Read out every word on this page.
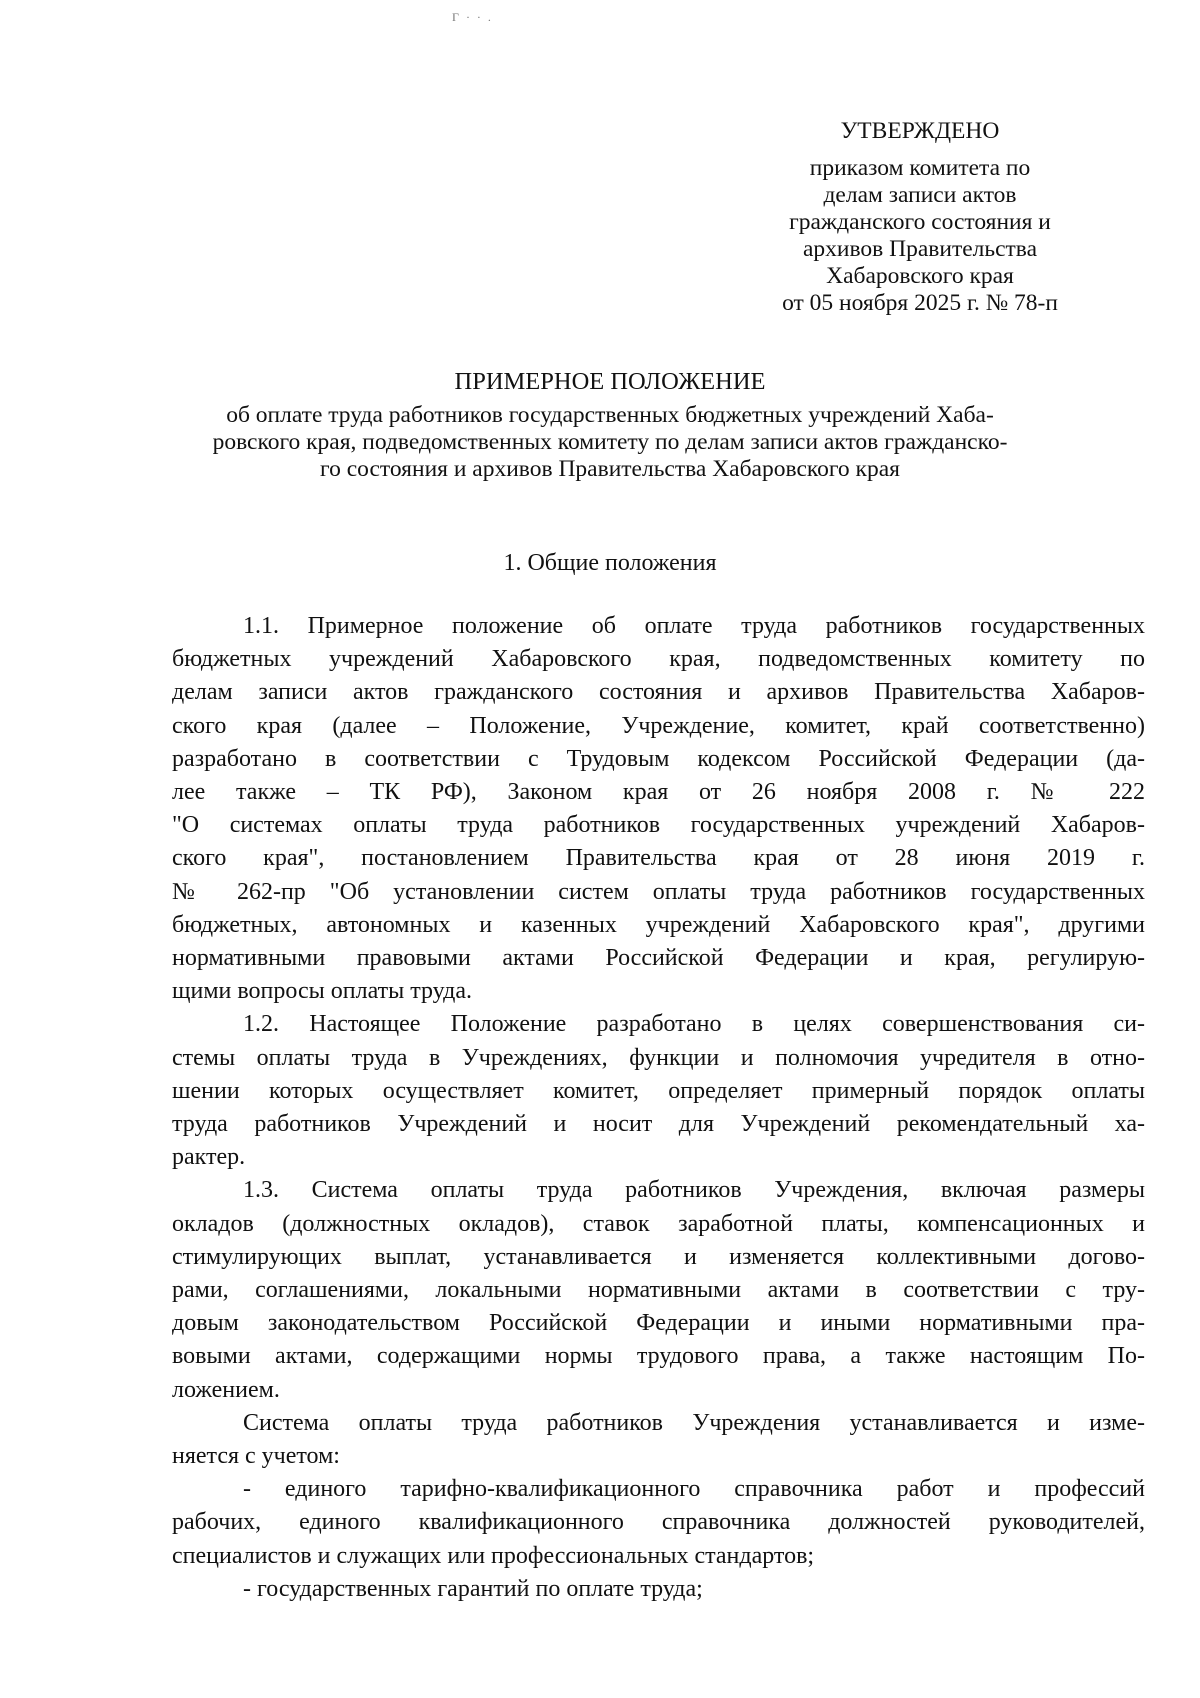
Г · · .
УТВЕРЖДЕНО
приказом комитета по
делам записи актов
гражданского состояния и
архивов Правительства
Хабаровского края
от 05 ноября 2025 г. № 78-п
ПРИМЕРНОЕ ПОЛОЖЕНИЕ
об оплате труда работников государственных бюджетных учреждений Хаба-
ровского края, подведомственных комитету по делам записи актов гражданско-
го состояния и архивов Правительства Хабаровского края
1. Общие положения
1.1. Примерное положение об оплате труда работников государственных
бюджетных учреждений Хабаровского края, подведомственных комитету по
делам записи актов гражданского состояния и архивов Правительства Хабаров-
ского края (далее – Положение, Учреждение, комитет, край соответственно)
разработано в соответствии с Трудовым кодексом Российской Федерации (да-
лее также – ТК РФ), Законом края от 26 ноября 2008 г. № 222
"О системах оплаты труда работников государственных учреждений Хабаров-
ского края", постановлением Правительства края от 28 июня 2019 г.
№ 262-пр "Об установлении систем оплаты труда работников государственных
бюджетных, автономных и казенных учреждений Хабаровского края", другими
нормативными правовыми актами Российской Федерации и края, регулирую-
щими вопросы оплаты труда.
1.2. Настоящее Положение разработано в целях совершенствования си-
стемы оплаты труда в Учреждениях, функции и полномочия учредителя в отно-
шении которых осуществляет комитет, определяет примерный порядок оплаты
труда работников Учреждений и носит для Учреждений рекомендательный ха-
рактер.
1.3. Система оплаты труда работников Учреждения, включая размеры
окладов (должностных окладов), ставок заработной платы, компенсационных и
стимулирующих выплат, устанавливается и изменяется коллективными догово-
рами, соглашениями, локальными нормативными актами в соответствии с тру-
довым законодательством Российской Федерации и иными нормативными пра-
вовыми актами, содержащими нормы трудового права, а также настоящим По-
ложением.
Система оплаты труда работников Учреждения устанавливается и изме-
няется с учетом:
- единого тарифно-квалификационного справочника работ и профессий
рабочих, единого квалификационного справочника должностей руководителей,
специалистов и служащих или профессиональных стандартов;
- государственных гарантий по оплате труда;
